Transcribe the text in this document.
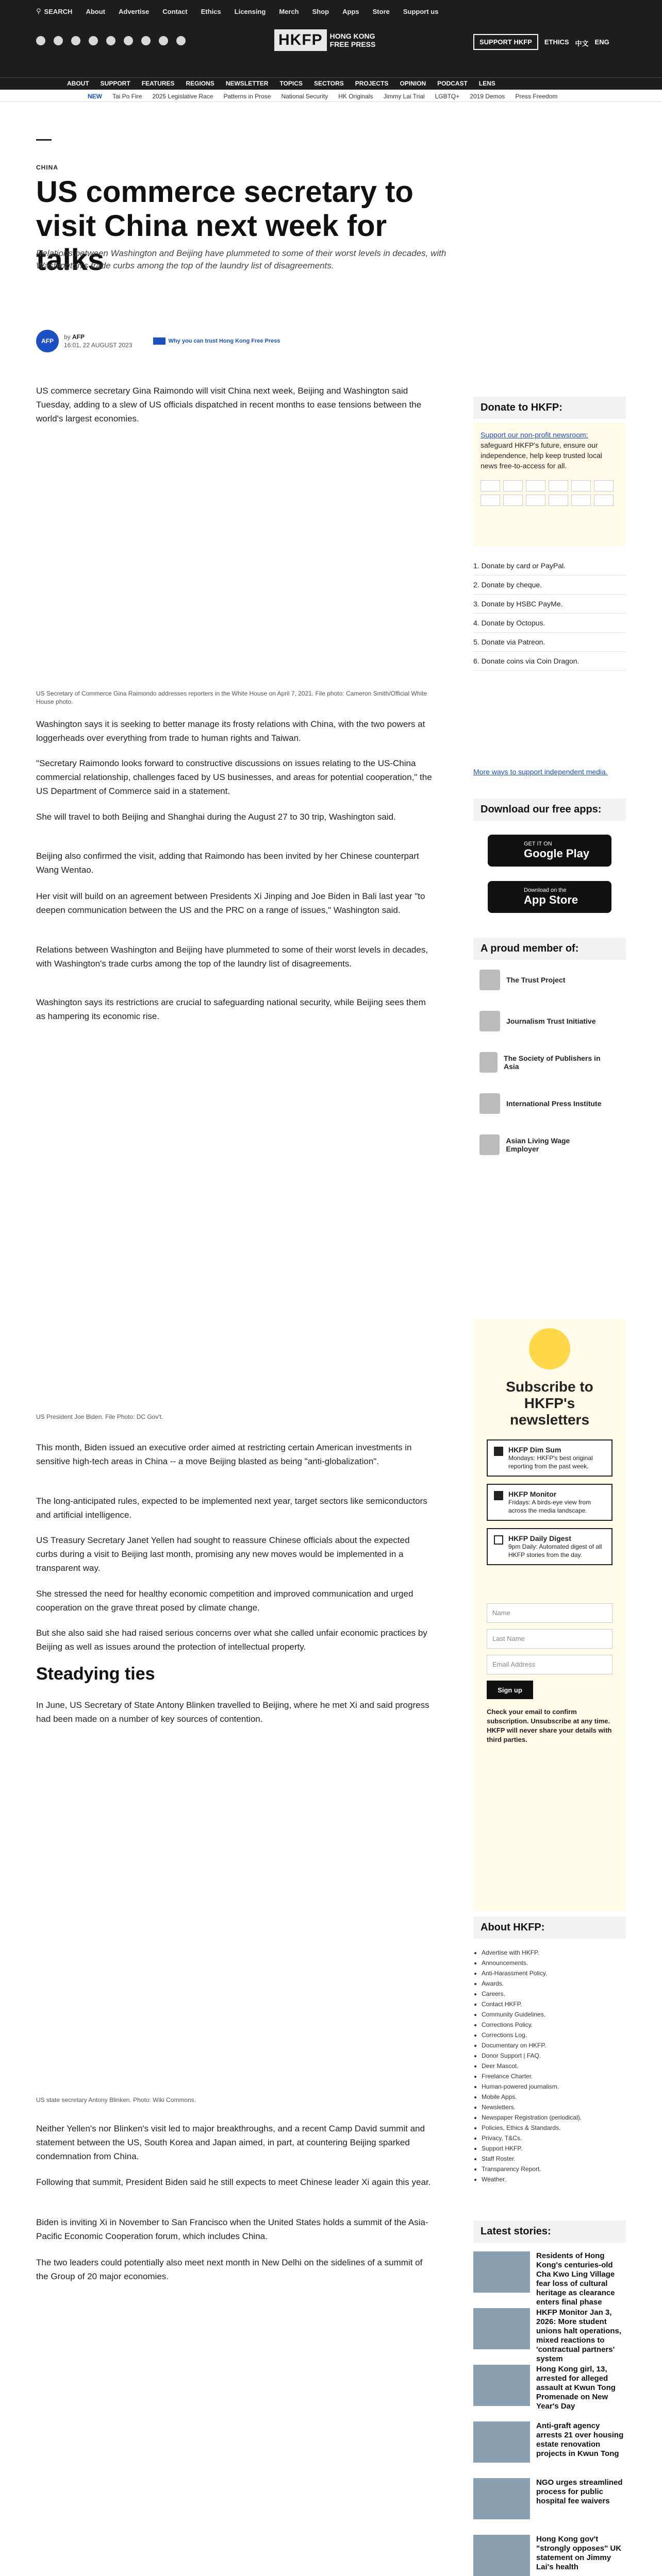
⚲ SEARCH About Advertise Contact Ethics Licensing Merch Shop Apps Store Support us
HKFP	HONG KONG FREE PRESS	SUPPORT HKFP	ETHICS 中文 ENG
ABOUT SUPPORT FEATURES REGIONS NEWSLETTER TOPICS SECTORS PROJECTS OPINION PODCAST LENS
NEW Tai Po Fire 2025 Legislative Race Patterns in Prose National Security HK Originals Jimmy Lai Trial LGBTQ+ 2019 Demos Press Freedom
CHINA
US commerce secretary to visit China next week for talks
Relations between Washington and Beijing have plummeted to some of their worst levels in decades, with Washington's trade curbs among the top of the laundry list of disagreements.
AFP
by AFP
16:01, 22 AUGUST 2023
Why you can trust Hong Kong Free Press

US commerce secretary Gina Raimondo will visit China next week, Beijing and Washington said Tuesday, adding to a slew of US officials dispatched in recent months to ease tensions between the world's largest economies.

US Secretary of Commerce Gina Raimondo addresses reporters in the White House on April 7, 2021. File photo: Cameron Smith/Official White House photo.

Washington says it is seeking to better manage its frosty relations with China, with the two powers at loggerheads over everything from trade to human rights and Taiwan.

"Secretary Raimondo looks forward to constructive discussions on issues relating to the US-China commercial relationship, challenges faced by US businesses, and areas for potential cooperation," the US Department of Commerce said in a statement.

She will travel to both Beijing and Shanghai during the August 27 to 30 trip, Washington said.

Beijing also confirmed the visit, adding that Raimondo has been invited by her Chinese counterpart Wang Wentao.

Her visit will build on an agreement between Presidents Xi Jinping and Joe Biden in Bali last year "to deepen communication between the US and the PRC on a range of issues," Washington said.

Relations between Washington and Beijing have plummeted to some of their worst levels in decades, with Washington's trade curbs among the top of the laundry list of disagreements.

Washington says its restrictions are crucial to safeguarding national security, while Beijing sees them as hampering its economic rise.

US President Joe Biden. File Photo: DC Gov't.

This month, Biden issued an executive order aimed at restricting certain American investments in sensitive high-tech areas in China -- a move Beijing blasted as being "anti-globalization".

The long-anticipated rules, expected to be implemented next year, target sectors like semiconductors and artificial intelligence.

US Treasury Secretary Janet Yellen had sought to reassure Chinese officials about the expected curbs during a visit to Beijing last month, promising any new moves would be implemented in a transparent way.

She stressed the need for healthy economic competition and improved communication and urged cooperation on the grave threat posed by climate change.

But she also said she had raised serious concerns over what she called unfair economic practices by Beijing as well as issues around the protection of intellectual property.

Steadying ties

In June, US Secretary of State Antony Blinken travelled to Beijing, where he met Xi and said progress had been made on a number of key sources of contention.

US state secretary Antony Blinken. Photo: Wiki Commons.

Neither Yellen's nor Blinken's visit led to major breakthroughs, and a recent Camp David summit and statement between the US, South Korea and Japan aimed, in part, at countering Beijing sparked condemnation from China.

Following that summit, President Biden said he still expects to meet Chinese leader Xi again this year.

Biden is inviting Xi in November to San Francisco when the United States holds a summit of the Asia-Pacific Economic Cooperation forum, which includes China.

The two leaders could potentially also meet next month in New Delhi on the sidelines of a summit of the Group of 20 major economies.

Donate to HKFP:
Support our non-profit newsroom: safeguard HKFP's future, ensure our independence, help keep trusted local news free-to-access for all.
1. Donate by card or PayPal.
2. Donate by cheque.
3. Donate by HSBC PayMe.
4. Donate by Octopus.
5. Donate via Patreon.
6. Donate coins via Coin Dragon.
More ways to support independent media.
Download our free apps:
GET IT ON
Google Play
Download on the
App Store
A proud member of:
The Trust Project
Journalism Trust Initiative
The Society of Publishers in Asia
International Press Institute
Asian Living Wage Employer
Subscribe to HKFP's newsletters
HKFP Dim Sum
Mondays: HKFP's best original reporting from the past week.
HKFP Monitor
Fridays: A birds-eye view from across the media landscape.
HKFP Daily Digest
9pm Daily: Automated digest of all HKFP stories from the day.
Name
Last Name
Email Address
Sign up

Check your email to confirm subscription. Unsubscribe at any time. HKFP will never share your details with third parties.

About HKFP:
• Advertise with HKFP.
• Announcements.
• Anti-Harassment Policy.
• Awards.
• Careers.
• Contact HKFP.
• Community Guidelines.
• Corrections Policy.
• Corrections Log.
• Documentary on HKFP.
• Donor Support | FAQ.
• Deer Mascot.
• Freelance Charter.
• Human-powered journalism.
• Mobile Apps.
• Newsletters.
• Newspaper Registration (periodical).
• Policies, Ethics & Standards.
• Privacy, T&Cs.
• Support HKFP.
• Staff Roster.
• Transparency Report.
• Weather.
Latest stories:
Residents of Hong Kong's centuries-old Cha Kwo Ling Village fear loss of cultural heritage as clearance enters final phase
HKFP Monitor Jan 3, 2026: More student unions halt operations, mixed reactions to 'contractual partners' system
Hong Kong girl, 13, arrested for alleged assault at Kwun Tong Promenade on New Year's Day
Anti-graft agency arrests 21 over housing estate renovation projects in Kwun Tong
NGO urges streamlined process for public hospital fee waivers
Hong Kong gov't "strongly opposes" UK statement on Jimmy Lai's health
